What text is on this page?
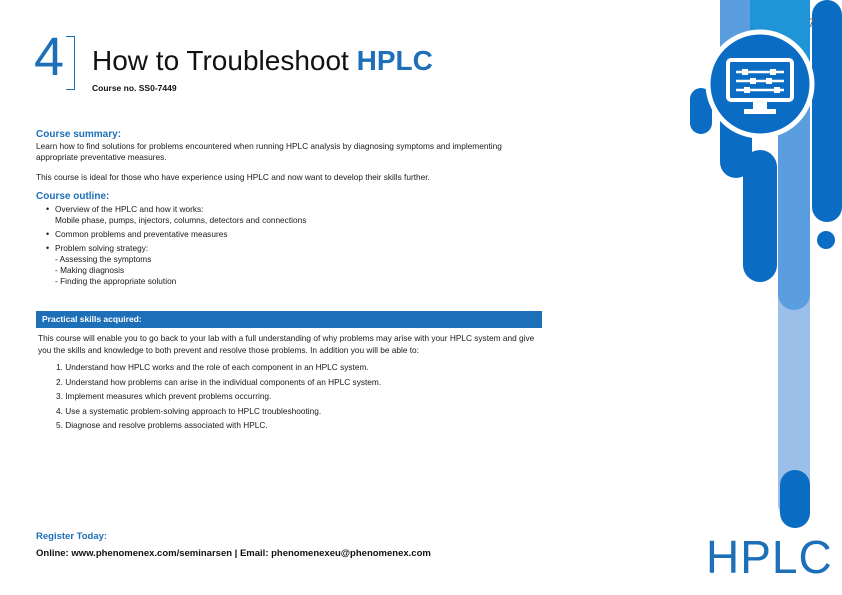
7
4 How to Troubleshoot HPLC
Course no. SS0-7449
Course summary:
Learn how to find solutions for problems encountered when running HPLC analysis by diagnosing symptoms and implementing appropriate preventative measures.
This course is ideal for those who have experience using HPLC and now want to develop their skills further.
Course outline:
• Overview of the HPLC and how it works:
Mobile phase, pumps, injectors, columns, detectors and connections
• Common problems and preventative measures
• Problem solving strategy:
- Assessing the symptoms
- Making diagnosis
- Finding the appropriate solution
Practical skills acquired:
This course will enable you to go back to your lab with a full understanding of why problems may arise with your HPLC system and give you the skills and knowledge to both prevent and resolve those problems. In addition you will be able to:
1. Understand how HPLC works and the role of each component in an HPLC system.
2. Understand how problems can arise in the individual components of an HPLC system.
3. Implement measures which prevent problems occurring.
4. Use a systematic problem-solving approach to HPLC troubleshooting.
5. Diagnose and resolve problems associated with HPLC.
Register Today:
Online: www.phenomenex.com/seminarsen | Email: phenomenexeu@phenomenex.com	HPLC
